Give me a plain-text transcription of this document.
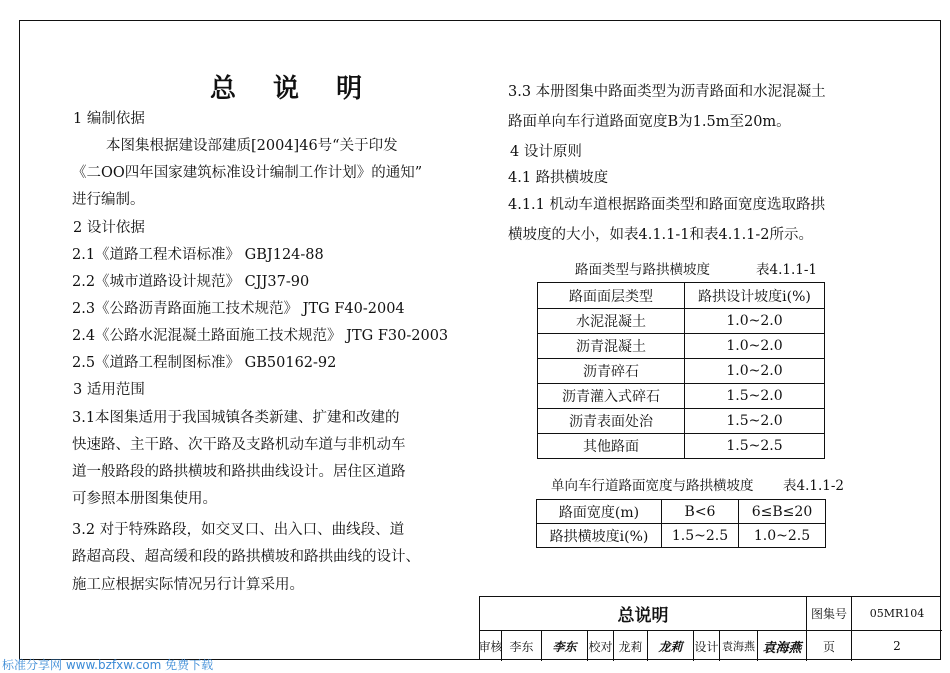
总 说 明
1 编制依据
本图集根据建设部建质[2004]46号“关于印发
《二OO四年国家建筑标准设计编制工作计划》的通知”
进行编制。
2 设计依据
2.1《道路工程术语标准》 GBJ124-88
2.2《城市道路设计规范》 CJJ37-90
2.3《公路沥青路面施工技术规范》 JTG F40-2004
2.4《公路水泥混凝土路面施工技术规范》 JTG F30-2003
2.5《道路工程制图标准》 GB50162-92
3 适用范围
3.1本图集适用于我国城镇各类新建、扩建和改建的
快速路、主干路、次干路及支路机动车道与非机动车
道一般路段的路拱横坡和路拱曲线设计。居住区道路
可参照本册图集使用。
3.2 对于特殊路段，如交叉口、出入口、曲线段、道
路超高段、超高缓和段的路拱横坡和路拱曲线的设计、
施工应根据实际情况另行计算采用。
3.3 本册图集中路面类型为沥青路面和水泥混凝土
路面单向车行道路面宽度B为1.5m至20m。
4 设计原则
4.1 路拱横坡度
4.1.1 机动车道根据路面类型和路面宽度选取路拱
横坡度的大小，如表4.1.1-1和表4.1.1-2所示。
路面类型与路拱横坡度	表4.1.1-1
路面面层类型	路拱设计坡度i(%)
水泥混凝土	1.0~2.0
沥青混凝土	1.0~2.0
沥青碎石	1.0~2.0
沥青灌入式碎石	1.5~2.0
沥青表面处治	1.5~2.0
其他路面	1.5~2.5
单向车行道路面宽度与路拱横坡度 表4.1.1-2
路面宽度(m)	B<6	6≤B≤20
路拱横坡度i(%)	1.5~2.5	1.0~2.5
总说明	图集号	05MR104
审核 李东	李东 校对 龙莉	龙莉 设计 袁海燕 袁海燕	页	2
标准分享网 www.bzfxw.com 免费下载
